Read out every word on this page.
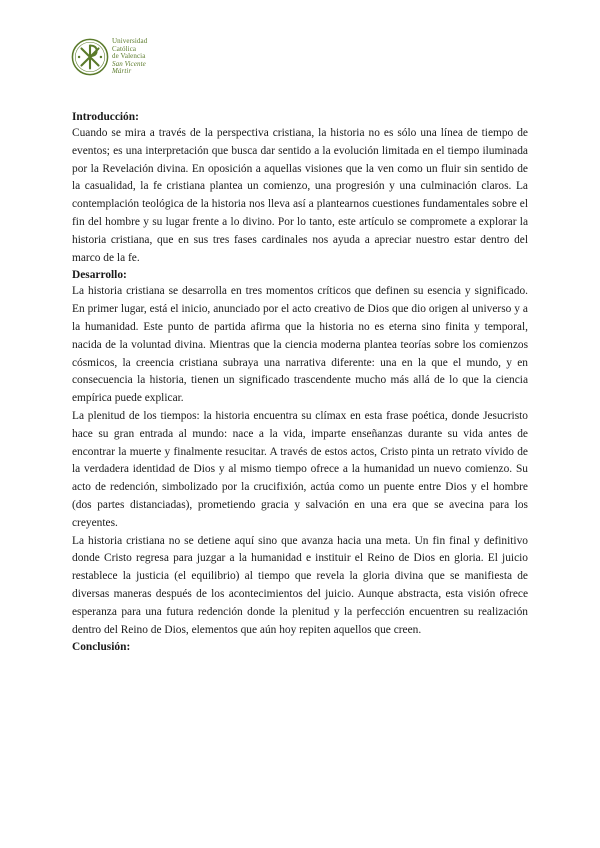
Universidad
Católica
de Valencia
San Vicente Mártir
Introducción:

Cuando se mira a través de la perspectiva cristiana, la historia no es sólo una línea de tiempo de eventos; es una interpretación que busca dar sentido a la evolución limitada en el tiempo iluminada por la Revelación divina. En oposición a aquellas visiones que la ven como un fluir sin sentido de la casualidad, la fe cristiana plantea un comienzo, una progresión y una culminación claros. La contemplación teológica de la historia nos lleva así a plantearnos cuestiones fundamentales sobre el fin del hombre y su lugar frente a lo divino. Por lo tanto, este artículo se compromete a explorar la historia cristiana, que en sus tres fases cardinales nos ayuda a apreciar nuestro estar dentro del marco de la fe.

Desarrollo:

La historia cristiana se desarrolla en tres momentos críticos que definen su esencia y significado. En primer lugar, está el inicio, anunciado por el acto creativo de Dios que dio origen al universo y a la humanidad. Este punto de partida afirma que la historia no es eterna sino finita y temporal, nacida de la voluntad divina. Mientras que la ciencia moderna plantea teorías sobre los comienzos cósmicos, la creencia cristiana subraya una narrativa diferente: una en la que el mundo, y en consecuencia la historia, tienen un significado trascendente mucho más allá de lo que la ciencia empírica puede explicar.

La plenitud de los tiempos: la historia encuentra su clímax en esta frase poética, donde Jesucristo hace su gran entrada al mundo: nace a la vida, imparte enseñanzas durante su vida antes de encontrar la muerte y finalmente resucitar. A través de estos actos, Cristo pinta un retrato vívido de la verdadera identidad de Dios y al mismo tiempo ofrece a la humanidad un nuevo comienzo. Su acto de redención, simbolizado por la crucifixión, actúa como un puente entre Dios y el hombre (dos partes distanciadas), prometiendo gracia y salvación en una era que se avecina para los creyentes.

La historia cristiana no se detiene aquí sino que avanza hacia una meta. Un fin final y definitivo donde Cristo regresa para juzgar a la humanidad e instituir el Reino de Dios en gloria. El juicio restablece la justicia (el equilibrio) al tiempo que revela la gloria divina que se manifiesta de diversas maneras después de los acontecimientos del juicio. Aunque abstracta, esta visión ofrece esperanza para una futura redención donde la plenitud y la perfección encuentren su realización dentro del Reino de Dios, elementos que aún hoy repiten aquellos que creen.

Conclusión:
